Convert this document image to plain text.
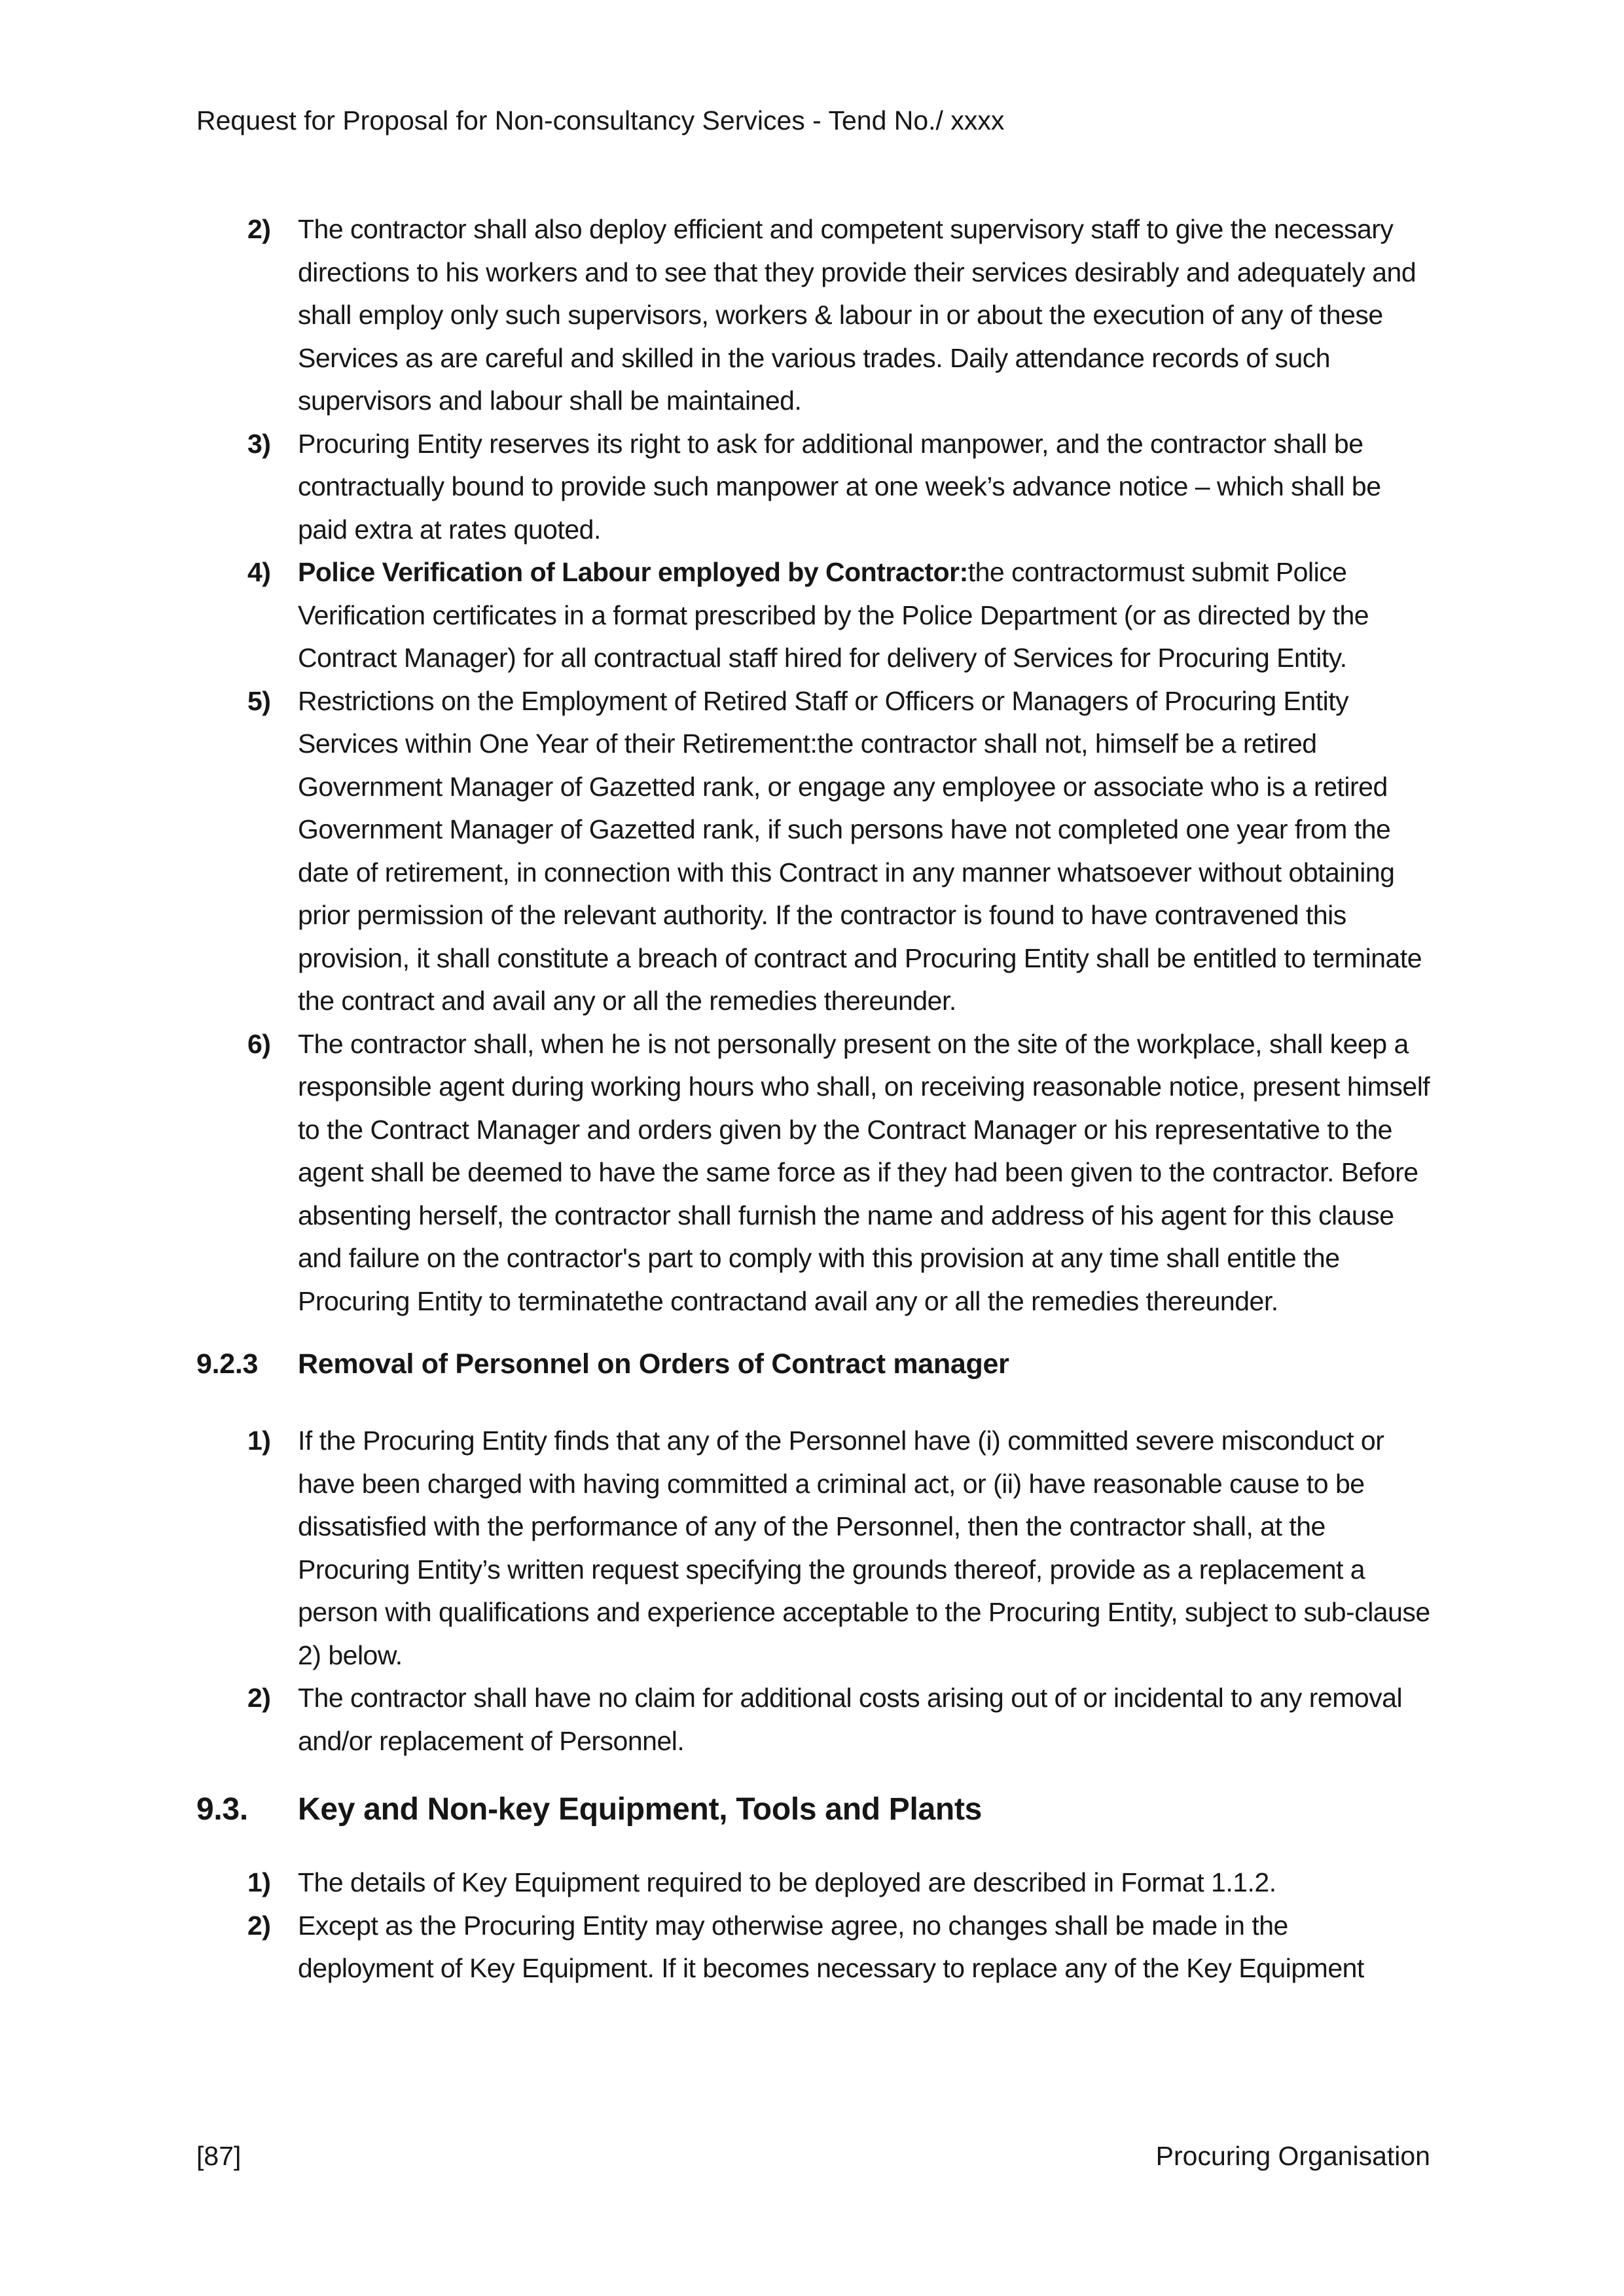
Request for Proposal for Non-consultancy Services - Tend No./ xxxx
2)	The contractor shall also deploy efficient and competent supervisory staff to give the necessary directions to his workers and to see that they provide their services desirably and adequately and shall employ only such supervisors, workers & labour in or about the execution of any of these Services as are careful and skilled in the various trades. Daily attendance records of such supervisors and labour shall be maintained.
3)	Procuring Entity reserves its right to ask for additional manpower, and the contractor shall be contractually bound to provide such manpower at one week’s advance notice – which shall be paid extra at rates quoted.
4)	Police Verification of Labour employed by Contractor:the contractormust submit Police Verification certificates in a format prescribed by the Police Department (or as directed by the Contract Manager) for all contractual staff hired for delivery of Services for Procuring Entity.
5)	Restrictions on the Employment of Retired Staff or Officers or Managers of Procuring Entity Services within One Year of their Retirement:the contractor shall not, himself be a retired Government Manager of Gazetted rank, or engage any employee or associate who is a retired Government Manager of Gazetted rank, if such persons have not completed one year from the date of retirement, in connection with this Contract in any manner whatsoever without obtaining prior permission of the relevant authority. If the contractor is found to have contravened this provision, it shall constitute a breach of contract and Procuring Entity shall be entitled to terminate the contract and avail any or all the remedies thereunder.
6)	The contractor shall, when he is not personally present on the site of the workplace, shall keep a responsible agent during working hours who shall, on receiving reasonable notice, present himself to the Contract Manager and orders given by the Contract Manager or his representative to the agent shall be deemed to have the same force as if they had been given to the contractor. Before absenting herself, the contractor shall furnish the name and address of his agent for this clause and failure on the contractor's part to comply with this provision at any time shall entitle the Procuring Entity to terminatethe contractand avail any or all the remedies thereunder.
9.2.3	Removal of Personnel on Orders of Contract manager
1)	If the Procuring Entity finds that any of the Personnel have (i) committed severe misconduct or have been charged with having committed a criminal act, or (ii) have reasonable cause to be dissatisfied with the performance of any of the Personnel, then the contractor shall, at the Procuring Entity’s written request specifying the grounds thereof, provide as a replacement a person with qualifications and experience acceptable to the Procuring Entity, subject to sub-clause 2) below.
2)	The contractor shall have no claim for additional costs arising out of or incidental to any removal and/or replacement of Personnel.
9.3.	Key and Non-key Equipment, Tools and Plants
1)	The details of Key Equipment required to be deployed are described in Format 1.1.2.
2)	Except as the Procuring Entity may otherwise agree, no changes shall be made in the deployment of Key Equipment. If it becomes necessary to replace any of the Key Equipment
[87]	Procuring Organisation
